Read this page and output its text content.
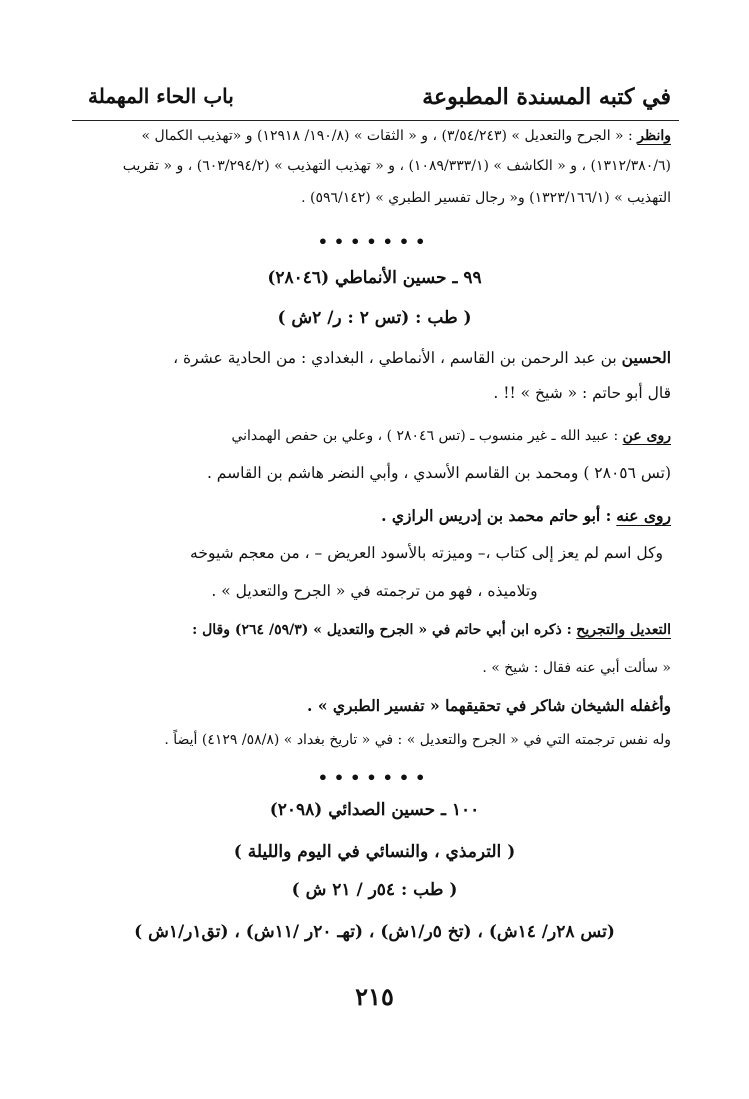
في كتبه المسندة المطبوعة
باب الحاء المهملة
وانظر : « الجرح والتعديل » (٣/٥٤/٢٤٣) ، و « الثقات » (١٩٠/٨/ ١٢٩١٨) و «تهذيب الكمال »
(١٣١٢/٣٨٠/٦) ، و « الكاشف » (١٠٨٩/٣٣٣/١) ، و « تهذيب التهذيب » (٦٠٣/٢٩٤/٢) ، و « تقريب
التهذيب » (١٣٢٣/١٦٦/١) و« رجال تفسير الطبري » (٥٩٦/١٤٢) .
•••••••
٩٩ ـ حسين الأنماطي (٢٨٠٤٦)
( طب : (تس ٢ : ر/ ٢ش )
الحسين بن عبد الرحمن بن القاسم ، الأنماطي ، البغدادي : من الحادية عشرة ،
قال أبو حاتم : « شيخ » !! .
روى عن : عبيد الله ـ غير منسوب ـ (تس ٢٨٠٤٦ ) ، وعلي بن حفص الهمداني
(تس ٢٨٠٥٦ ) ومحمد بن القاسم الأسدي ، وأبي النضر هاشم بن القاسم .
روى عنه : أبو حاتم محمد بن إدريس الرازي .
وكل اسم لم يعز إلى كتاب ،– وميزته بالأسود العريض – ، من معجم شيوخه
وتلاميذه ، فهو من ترجمته في « الجرح والتعديل » .
التعديل والتجريح : ذكره ابن أبي حاتم في « الجرح والتعديل » (٥٩/٣/ ٢٦٤) وقال :
« سألت أبي عنه فقال : شيخ » .
وأغفله الشيخان شاكر في تحقيقهما « تفسير الطبري » .
وله نفس ترجمته التي في « الجرح والتعديل » : في « تاريخ بغداد » (٥٨/٨/ ٤١٢٩) أيضاً .
•••••••
١٠٠ ـ حسين الصدائي (٢٠٩٨)
( الترمذي ، والنسائي في اليوم والليلة )
( طب : ٥٤ر / ٢١ ش )
(تس ٢٨ر/ ١٤ش) ، (تخ ٥ر/١ش) ، (تهـ ٢٠ر /١١ش) ، (تق١ر/١ش )
٢١٥
